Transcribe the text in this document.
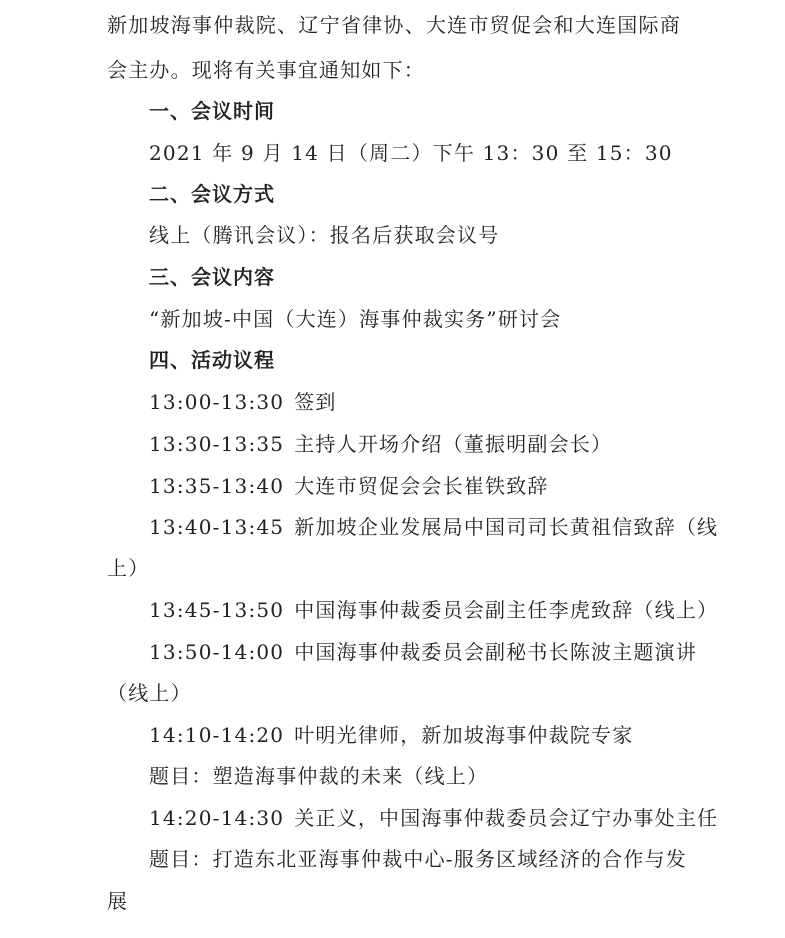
新加坡海事仲裁院、辽宁省律协、大连市贸促会和大连国际商
会主办。现将有关事宜通知如下：
一、会议时间
2021 年 9 月 14 日（周二）下午 13：30 至 15：30
二、会议方式
线上（腾讯会议）：报名后获取会议号
三、会议内容
“新加坡-中国（大连）海事仲裁实务”研讨会
四、活动议程
13:00-13:30 签到
13:30-13:35 主持人开场介绍（董振明副会长）
13:35-13:40 大连市贸促会会长崔铁致辞
13:40-13:45 新加坡企业发展局中国司司长黄祖信致辞（线
上）
13:45-13:50 中国海事仲裁委员会副主任李虎致辞（线上）
13:50-14:00 中国海事仲裁委员会副秘书长陈波主题演讲
（线上）
14:10-14:20 叶明光律师，新加坡海事仲裁院专家
题目：塑造海事仲裁的未来（线上）
14:20-14:30 关正义，中国海事仲裁委员会辽宁办事处主任
题目：打造东北亚海事仲裁中心-服务区域经济的合作与发
展
